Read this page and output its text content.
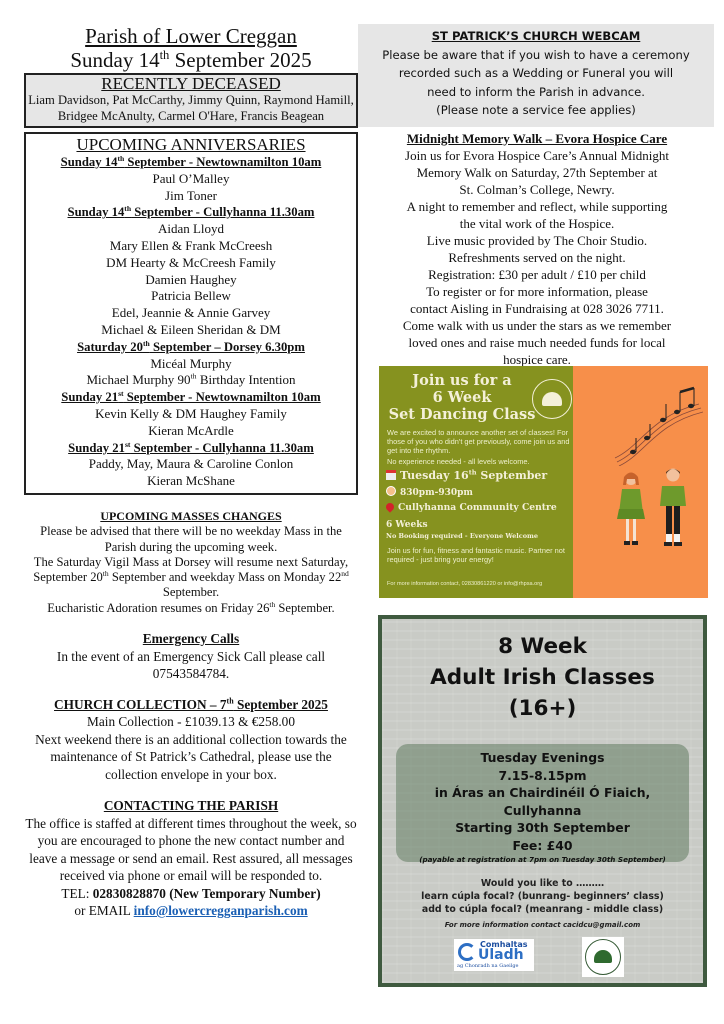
Parish of Lower Creggan
Sunday 14th September 2025
RECENTLY DECEASED
Liam Davidson, Pat McCarthy, Jimmy Quinn, Raymond Hamill, Bridgee McAnulty, Carmel O'Hare, Francis Beagean
UPCOMING ANNIVERSARIES
Sunday 14th September - Newtownamilton 10am
Paul O’Malley
Jim Toner
Sunday 14th September - Cullyhanna 11.30am
Aidan Lloyd
Mary Ellen & Frank McCreesh
DM Hearty & McCreesh Family
Damien Haughey
Patricia Bellew
Edel, Jeannie & Annie Garvey
Michael & Eileen Sheridan & DM
Saturday 20th September – Dorsey 6.30pm
Micéal Murphy
Michael Murphy 90th Birthday Intention
Sunday 21st September - Newtownamilton 10am
Kevin Kelly & DM Haughey Family
Kieran McArdle
Sunday 21st September - Cullyhanna 11.30am
Paddy, May, Maura & Caroline Conlon
Kieran McShane
UPCOMING MASSES CHANGES
Please be advised that there will be no weekday Mass in the Parish during the upcoming week.
The Saturday Vigil Mass at Dorsey will resume next Saturday, September 20th September and weekday Mass on Monday 22nd September.
Eucharistic Adoration resumes on Friday 26th September.
Emergency Calls
In the event of an Emergency Sick Call please call 07543584784.
CHURCH COLLECTION – 7th September 2025
Main Collection - £1039.13 & €258.00
Next weekend there is an additional collection towards the maintenance of St Patrick’s Cathedral, please use the collection envelope in your box.
CONTACTING THE PARISH
The office is staffed at different times throughout the week, so you are encouraged to phone the new contact number and leave a message or send an email. Rest assured, all messages received via phone or email will be responded to.
TEL: 02830828870 (New Temporary Number)
or EMAIL info@lowercregganparish.com
ST PATRICK’S CHURCH WEBCAM
Please be aware that if you wish to have a ceremony
recorded such as a Wedding or Funeral you will
need to inform the Parish in advance.
(Please note a service fee applies)
Midnight Memory Walk – Evora Hospice Care
Join us for Evora Hospice Care’s Annual Midnight
Memory Walk on Saturday, 27th September at
St. Colman’s College, Newry.
A night to remember and reflect, while supporting
the vital work of the Hospice.
Live music provided by The Choir Studio.
Refreshments served on the night.
Registration: £30 per adult / £10 per child
To register or for more information, please
contact Aisling in Fundraising at 028 3026 7711.
Come walk with us under the stars as we remember
loved ones and raise much needed funds for local
hospice care.
Join us for a
6 Week
Set Dancing Class
We are excited to announce another set of classes! For those of you who didn't get previously, come join us and get into the rhythm.
No experience needed - all levels welcome.
Tuesday 16th September
830pm-930pm
Cullyhanna Community Centre
6 Weeks
No Booking required - Everyone Welcome
Join us for fun, fitness and fantastic music. Partner not required - just bring your energy!
For more information contact, 02830861220 or info@rhpsa.org
8 Week
Adult Irish Classes
(16+)
Tuesday Evenings
7.15-8.15pm
in Áras an Chairdinéil Ó Fiaich,
Cullyhanna
Starting 30th September
Fee: £40
(payable at registration at 7pm on Tuesday 30th September)
Would you like to ………
learn cúpla focal? (bunrang- beginners’ class)
add to cúpla focal? (meanrang - middle class)
For more information contact cacidcu@gmail.com
Comhaltas
Uladh
ag Chonradh na Gaeilge
